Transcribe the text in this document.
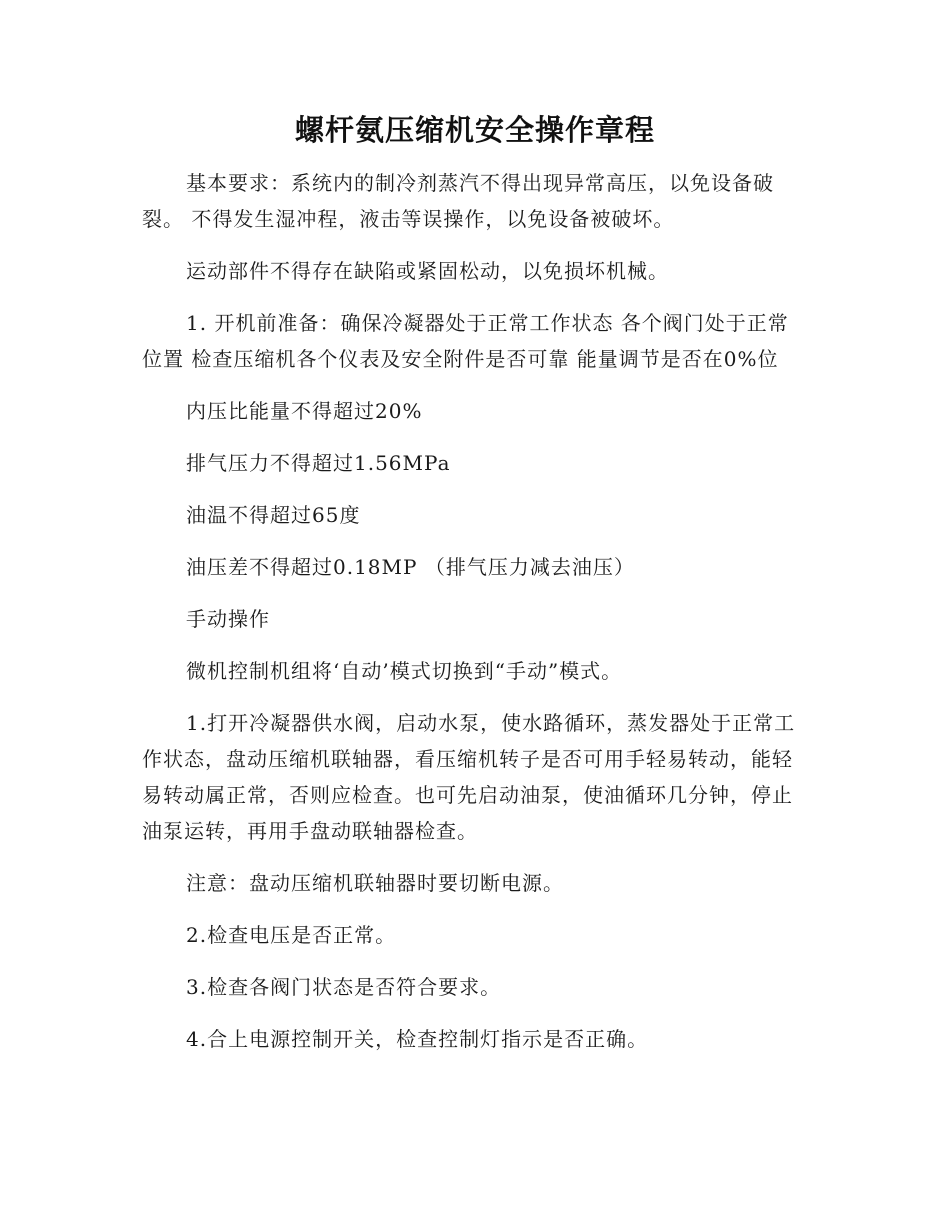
螺杆氨压缩机安全操作章程

基本要求：系统内的制冷剂蒸汽不得出现异常高压，以免设备破裂。 不得发生湿冲程，液击等误操作，以免设备被破坏。

运动部件不得存在缺陷或紧固松动，以免损坏机械。

1. 开机前准备：确保冷凝器处于正常工作状态 各个阀门处于正常位置 检查压缩机各个仪表及安全附件是否可靠 能量调节是否在0%位

内压比能量不得超过20%

排气压力不得超过1.56MPa

油温不得超过65度

油压差不得超过0.18MP （排气压力减去油压）

手动操作

微机控制机组将‘自动’模式切换到“手动”模式。

1.打开冷凝器供水阀，启动水泵，使水路循环，蒸发器处于正常工作状态，盘动压缩机联轴器，看压缩机转子是否可用手轻易转动，能轻易转动属正常，否则应检查。也可先启动油泵，使油循环几分钟，停止油泵运转，再用手盘动联轴器检查。

注意：盘动压缩机联轴器时要切断电源。

2.检查电压是否正常。

3.检查各阀门状态是否符合要求。

4.合上电源控制开关，检查控制灯指示是否正确。
